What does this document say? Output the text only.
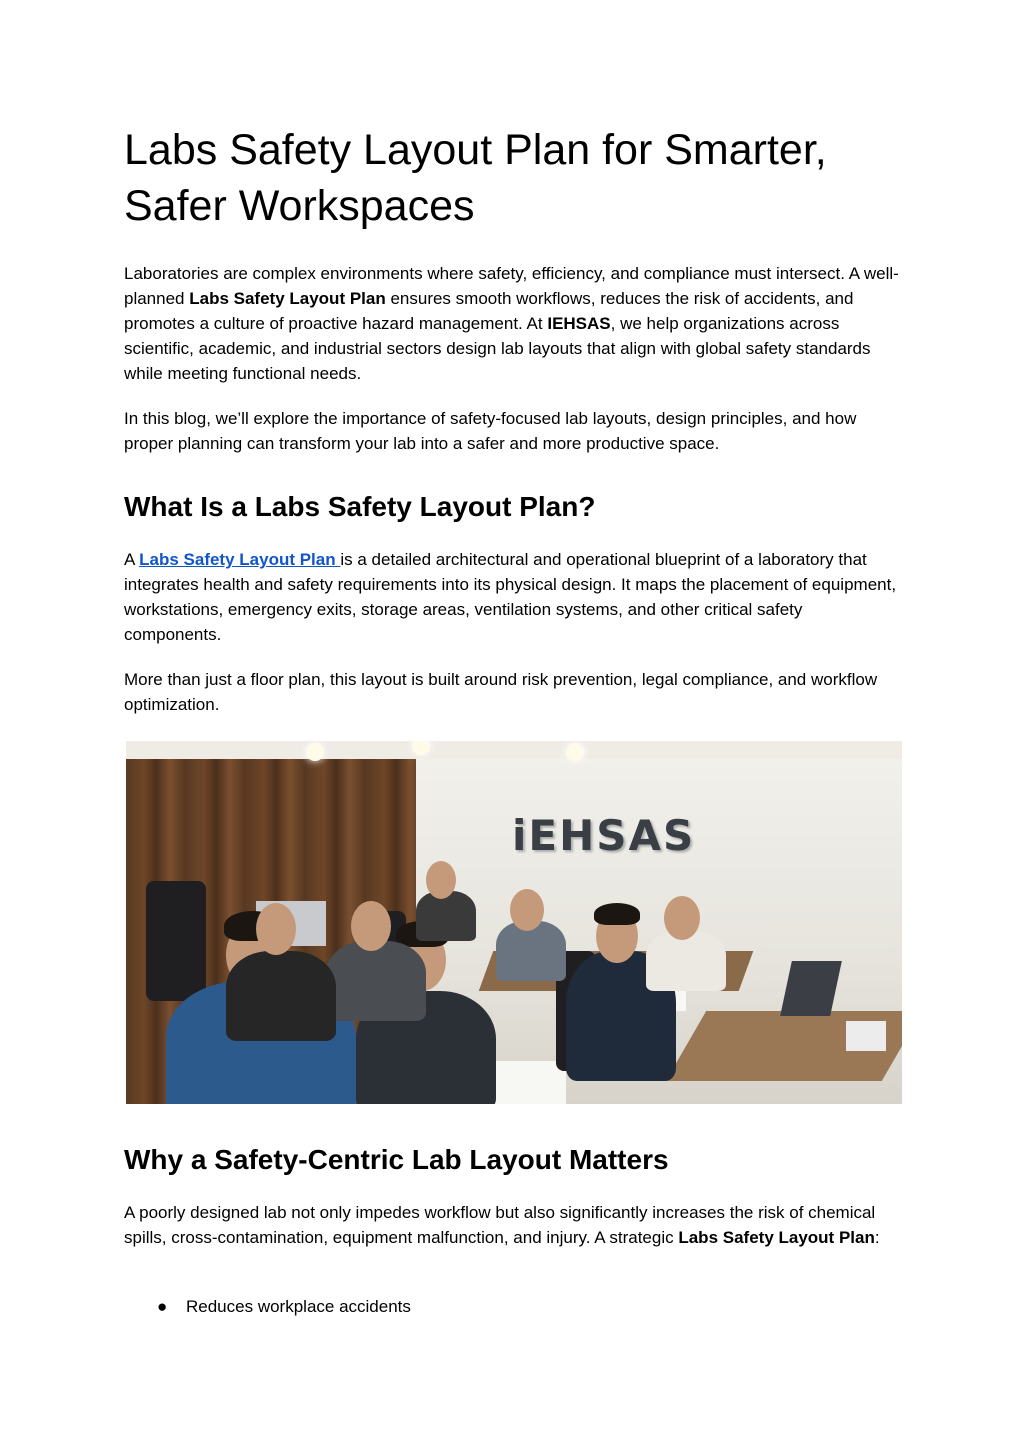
Labs Safety Layout Plan for Smarter, Safer Workspaces

Laboratories are complex environments where safety, efficiency, and compliance must intersect. A well-planned Labs Safety Layout Plan ensures smooth workflows, reduces the risk of accidents, and promotes a culture of proactive hazard management. At IEHSAS, we help organizations across scientific, academic, and industrial sectors design lab layouts that align with global safety standards while meeting functional needs.

In this blog, we’ll explore the importance of safety-focused lab layouts, design principles, and how proper planning can transform your lab into a safer and more productive space.

What Is a Labs Safety Layout Plan?

A Labs Safety Layout Plan is a detailed architectural and operational blueprint of a laboratory that integrates health and safety requirements into its physical design. It maps the placement of equipment, workstations, emergency exits, storage areas, ventilation systems, and other critical safety components.

More than just a floor plan, this layout is built around risk prevention, legal compliance, and workflow optimization.

Why a Safety-Centric Lab Layout Matters

A poorly designed lab not only impedes workflow but also significantly increases the risk of chemical spills, cross-contamination, equipment malfunction, and injury. A strategic Labs Safety Layout Plan:

● Reduces workplace accidents
iEHSAS
